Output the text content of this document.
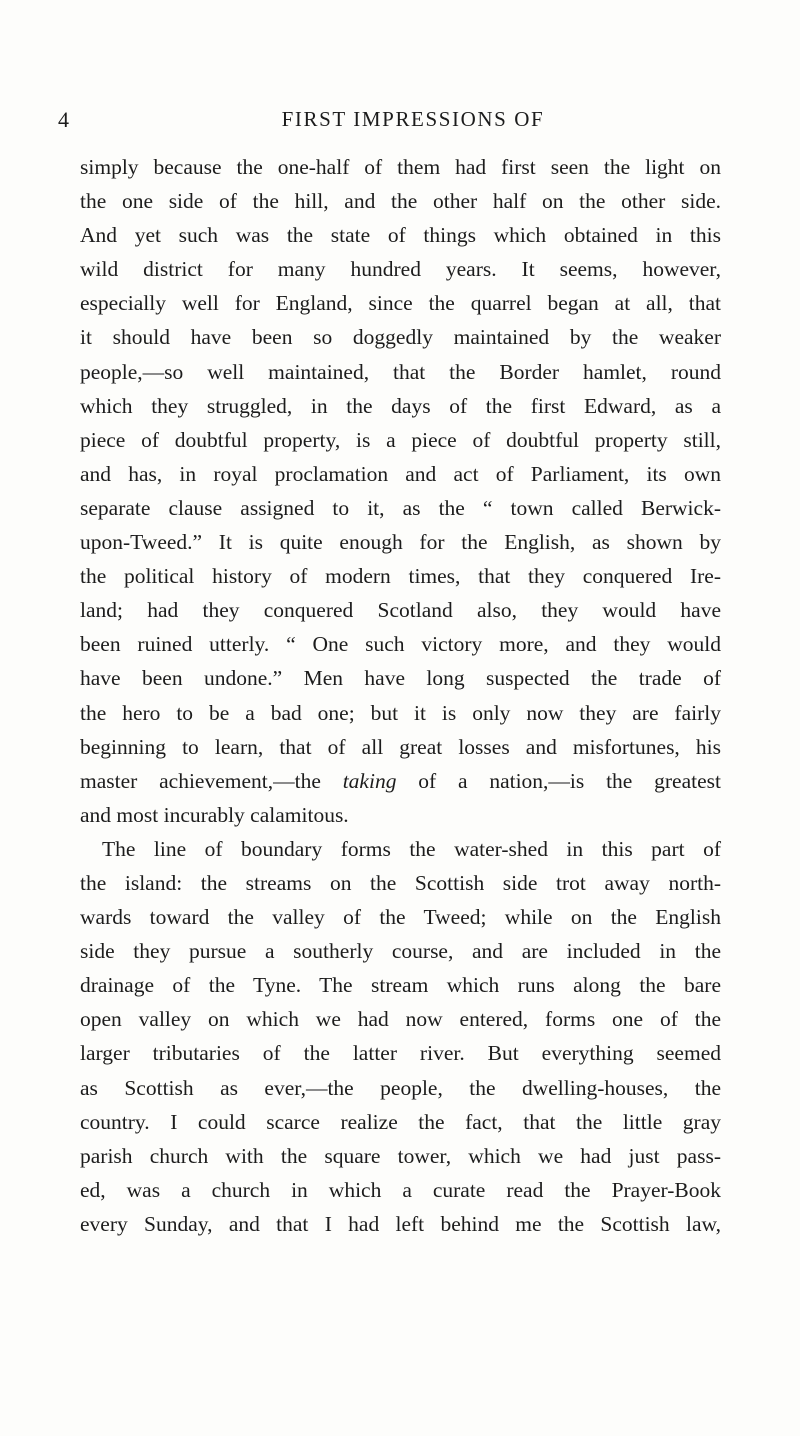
4	FIRST IMPRESSIONS OF
simply because the one-half of them had first seen the light on
the one side of the hill, and the other half on the other side.
And yet such was the state of things which obtained in this
wild district for many hundred years. It seems, however,
especially well for England, since the quarrel began at all, that
it should have been so doggedly maintained by the weaker
people,—so well maintained, that the Border hamlet, round
which they struggled, in the days of the first Edward, as a
piece of doubtful property, is a piece of doubtful property still,
and has, in royal proclamation and act of Parliament, its own
separate clause assigned to it, as the “ town called Berwick-
upon-Tweed.” It is quite enough for the English, as shown by
the political history of modern times, that they conquered Ire-
land; had they conquered Scotland also, they would have
been ruined utterly. “ One such victory more, and they would
have been undone.” Men have long suspected the trade of
the hero to be a bad one; but it is only now they are fairly
beginning to learn, that of all great losses and misfortunes, his
master achievement,—the taking of a nation,—is the greatest
and most incurably calamitous.
The line of boundary forms the water-shed in this part of
the island: the streams on the Scottish side trot away north-
wards toward the valley of the Tweed; while on the English
side they pursue a southerly course, and are included in the
drainage of the Tyne. The stream which runs along the bare
open valley on which we had now entered, forms one of the
larger tributaries of the latter river. But everything seemed
as Scottish as ever,—the people, the dwelling-houses, the
country. I could scarce realize the fact, that the little gray
parish church with the square tower, which we had just pass-
ed, was a church in which a curate read the Prayer-Book
every Sunday, and that I had left behind me the Scottish law,
